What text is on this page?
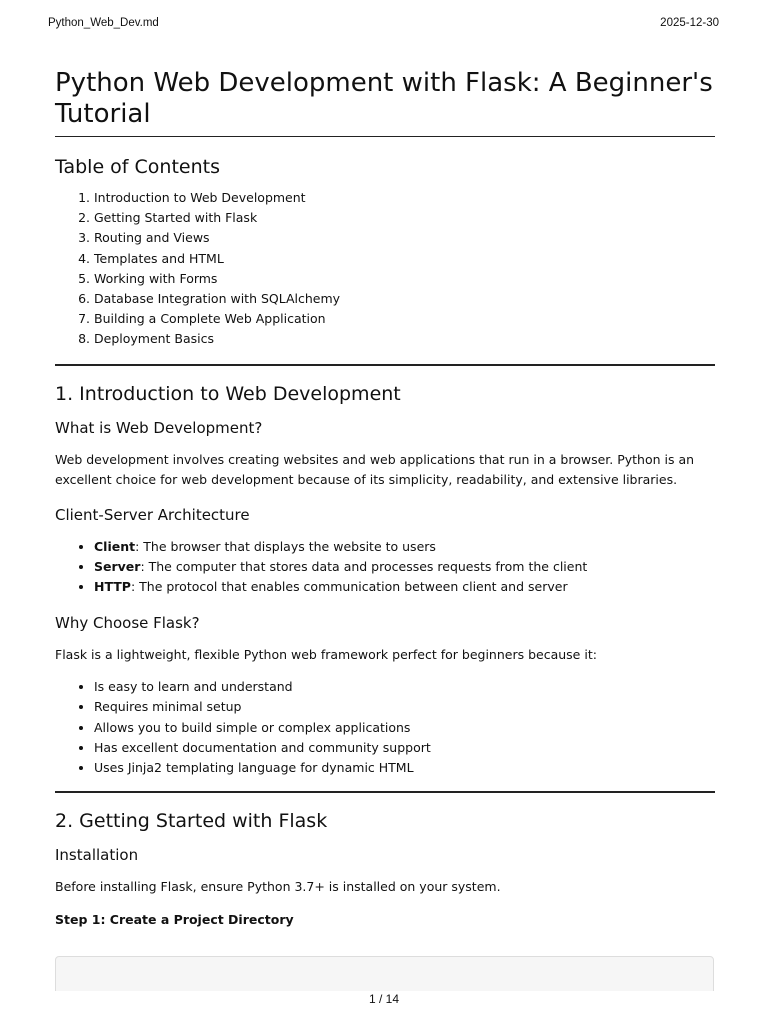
Python_Web_Dev.md	2025-12-30
Python Web Development with Flask: A Beginner's Tutorial
Table of Contents
1. Introduction to Web Development
2. Getting Started with Flask
3. Routing and Views
4. Templates and HTML
5. Working with Forms
6. Database Integration with SQLAlchemy
7. Building a Complete Web Application
8. Deployment Basics
1. Introduction to Web Development
What is Web Development?

Web development involves creating websites and web applications that run in a browser. Python is an excellent choice for web development because of its simplicity, readability, and extensive libraries.

Client-Server Architecture
• Client: The browser that displays the website to users
• Server: The computer that stores data and processes requests from the client
• HTTP: The protocol that enables communication between client and server
Why Choose Flask?

Flask is a lightweight, flexible Python web framework perfect for beginners because it:

• Is easy to learn and understand
• Requires minimal setup
• Allows you to build simple or complex applications
• Has excellent documentation and community support
• Uses Jinja2 templating language for dynamic HTML
2. Getting Started with Flask
Installation

Before installing Flask, ensure Python 3.7+ is installed on your system.

Step 1: Create a Project Directory
1 / 14
